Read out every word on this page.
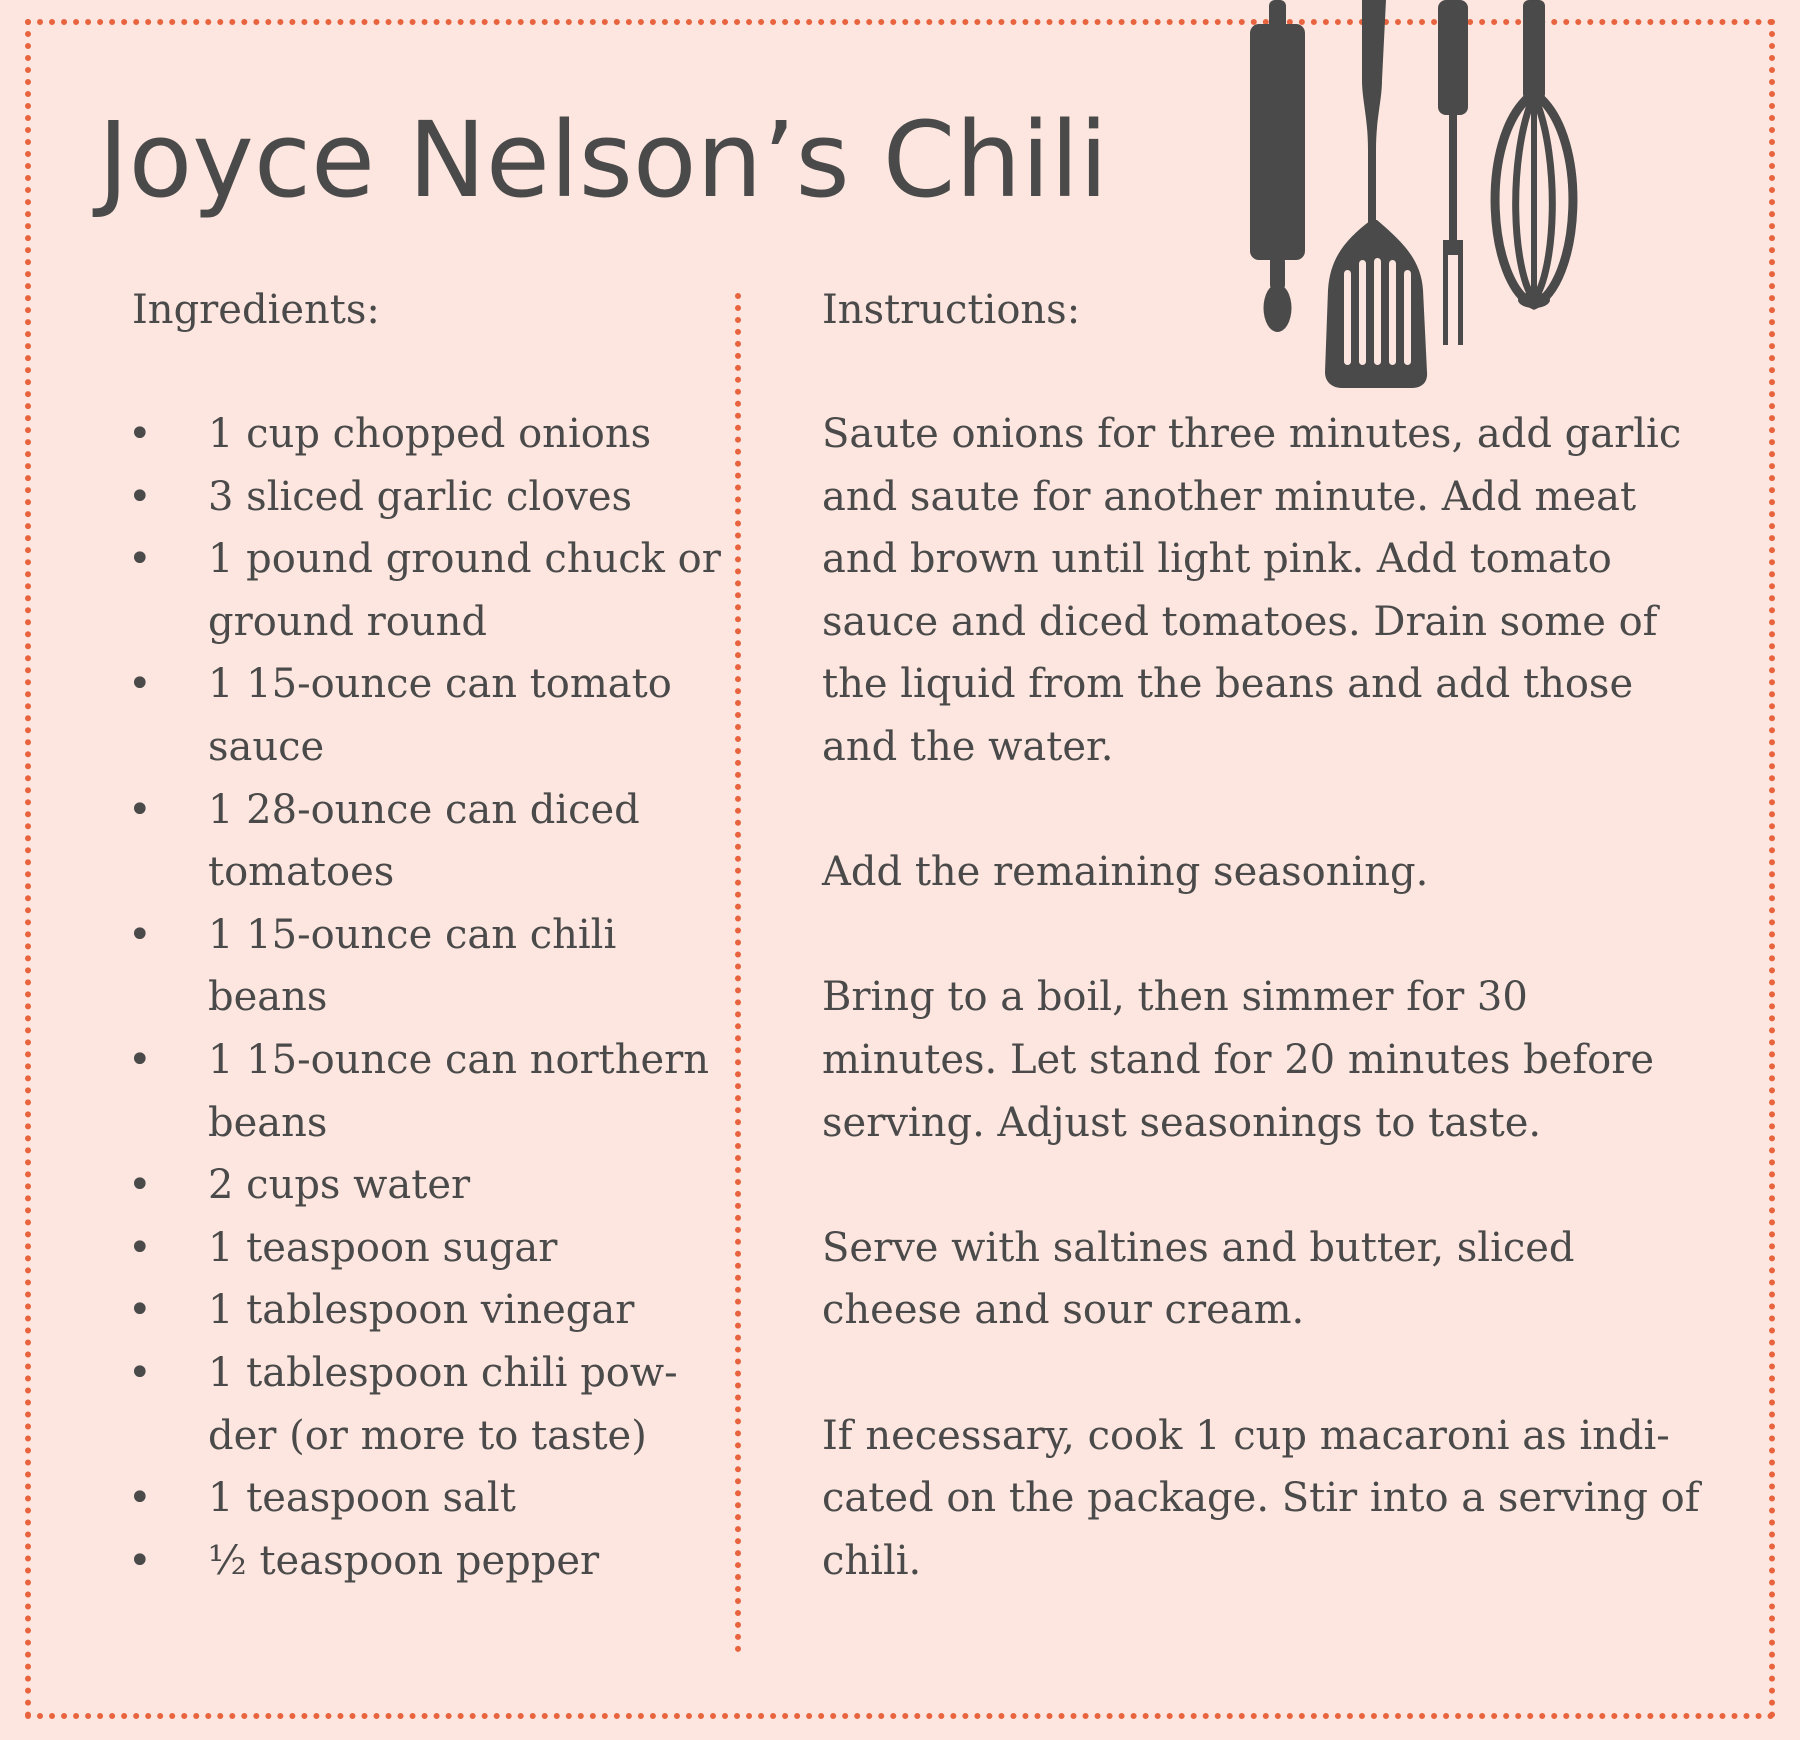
Joyce Nelson’s Chili
Ingredients:	Instructions:
•	1 cup chopped onions
•	3 sliced garlic cloves
•	1 pound ground chuck or ground round
•	1 15-ounce can tomato sauce
•	1 28-ounce can diced tomatoes
•	1 15-ounce can chili beans
•	1 15-ounce can northern beans
•	2 cups water
•	1 teaspoon sugar
•	1 tablespoon vinegar
•	1 tablespoon chili pow-der (or more to taste)
•	1 teaspoon salt
•	½ teaspoon pepper

Saute onions for three minutes, add garlic and saute for another minute. Add meat and brown until light pink. Add tomato sauce and diced tomatoes. Drain some of the liquid from the beans and add those and the water.

Add the remaining seasoning.

Bring to a boil, then simmer for 30 minutes. Let stand for 20 minutes before serving. Adjust seasonings to taste.

Serve with saltines and butter, sliced cheese and sour cream.

If necessary, cook 1 cup macaroni as indi-cated on the package. Stir into a serving of chili.
